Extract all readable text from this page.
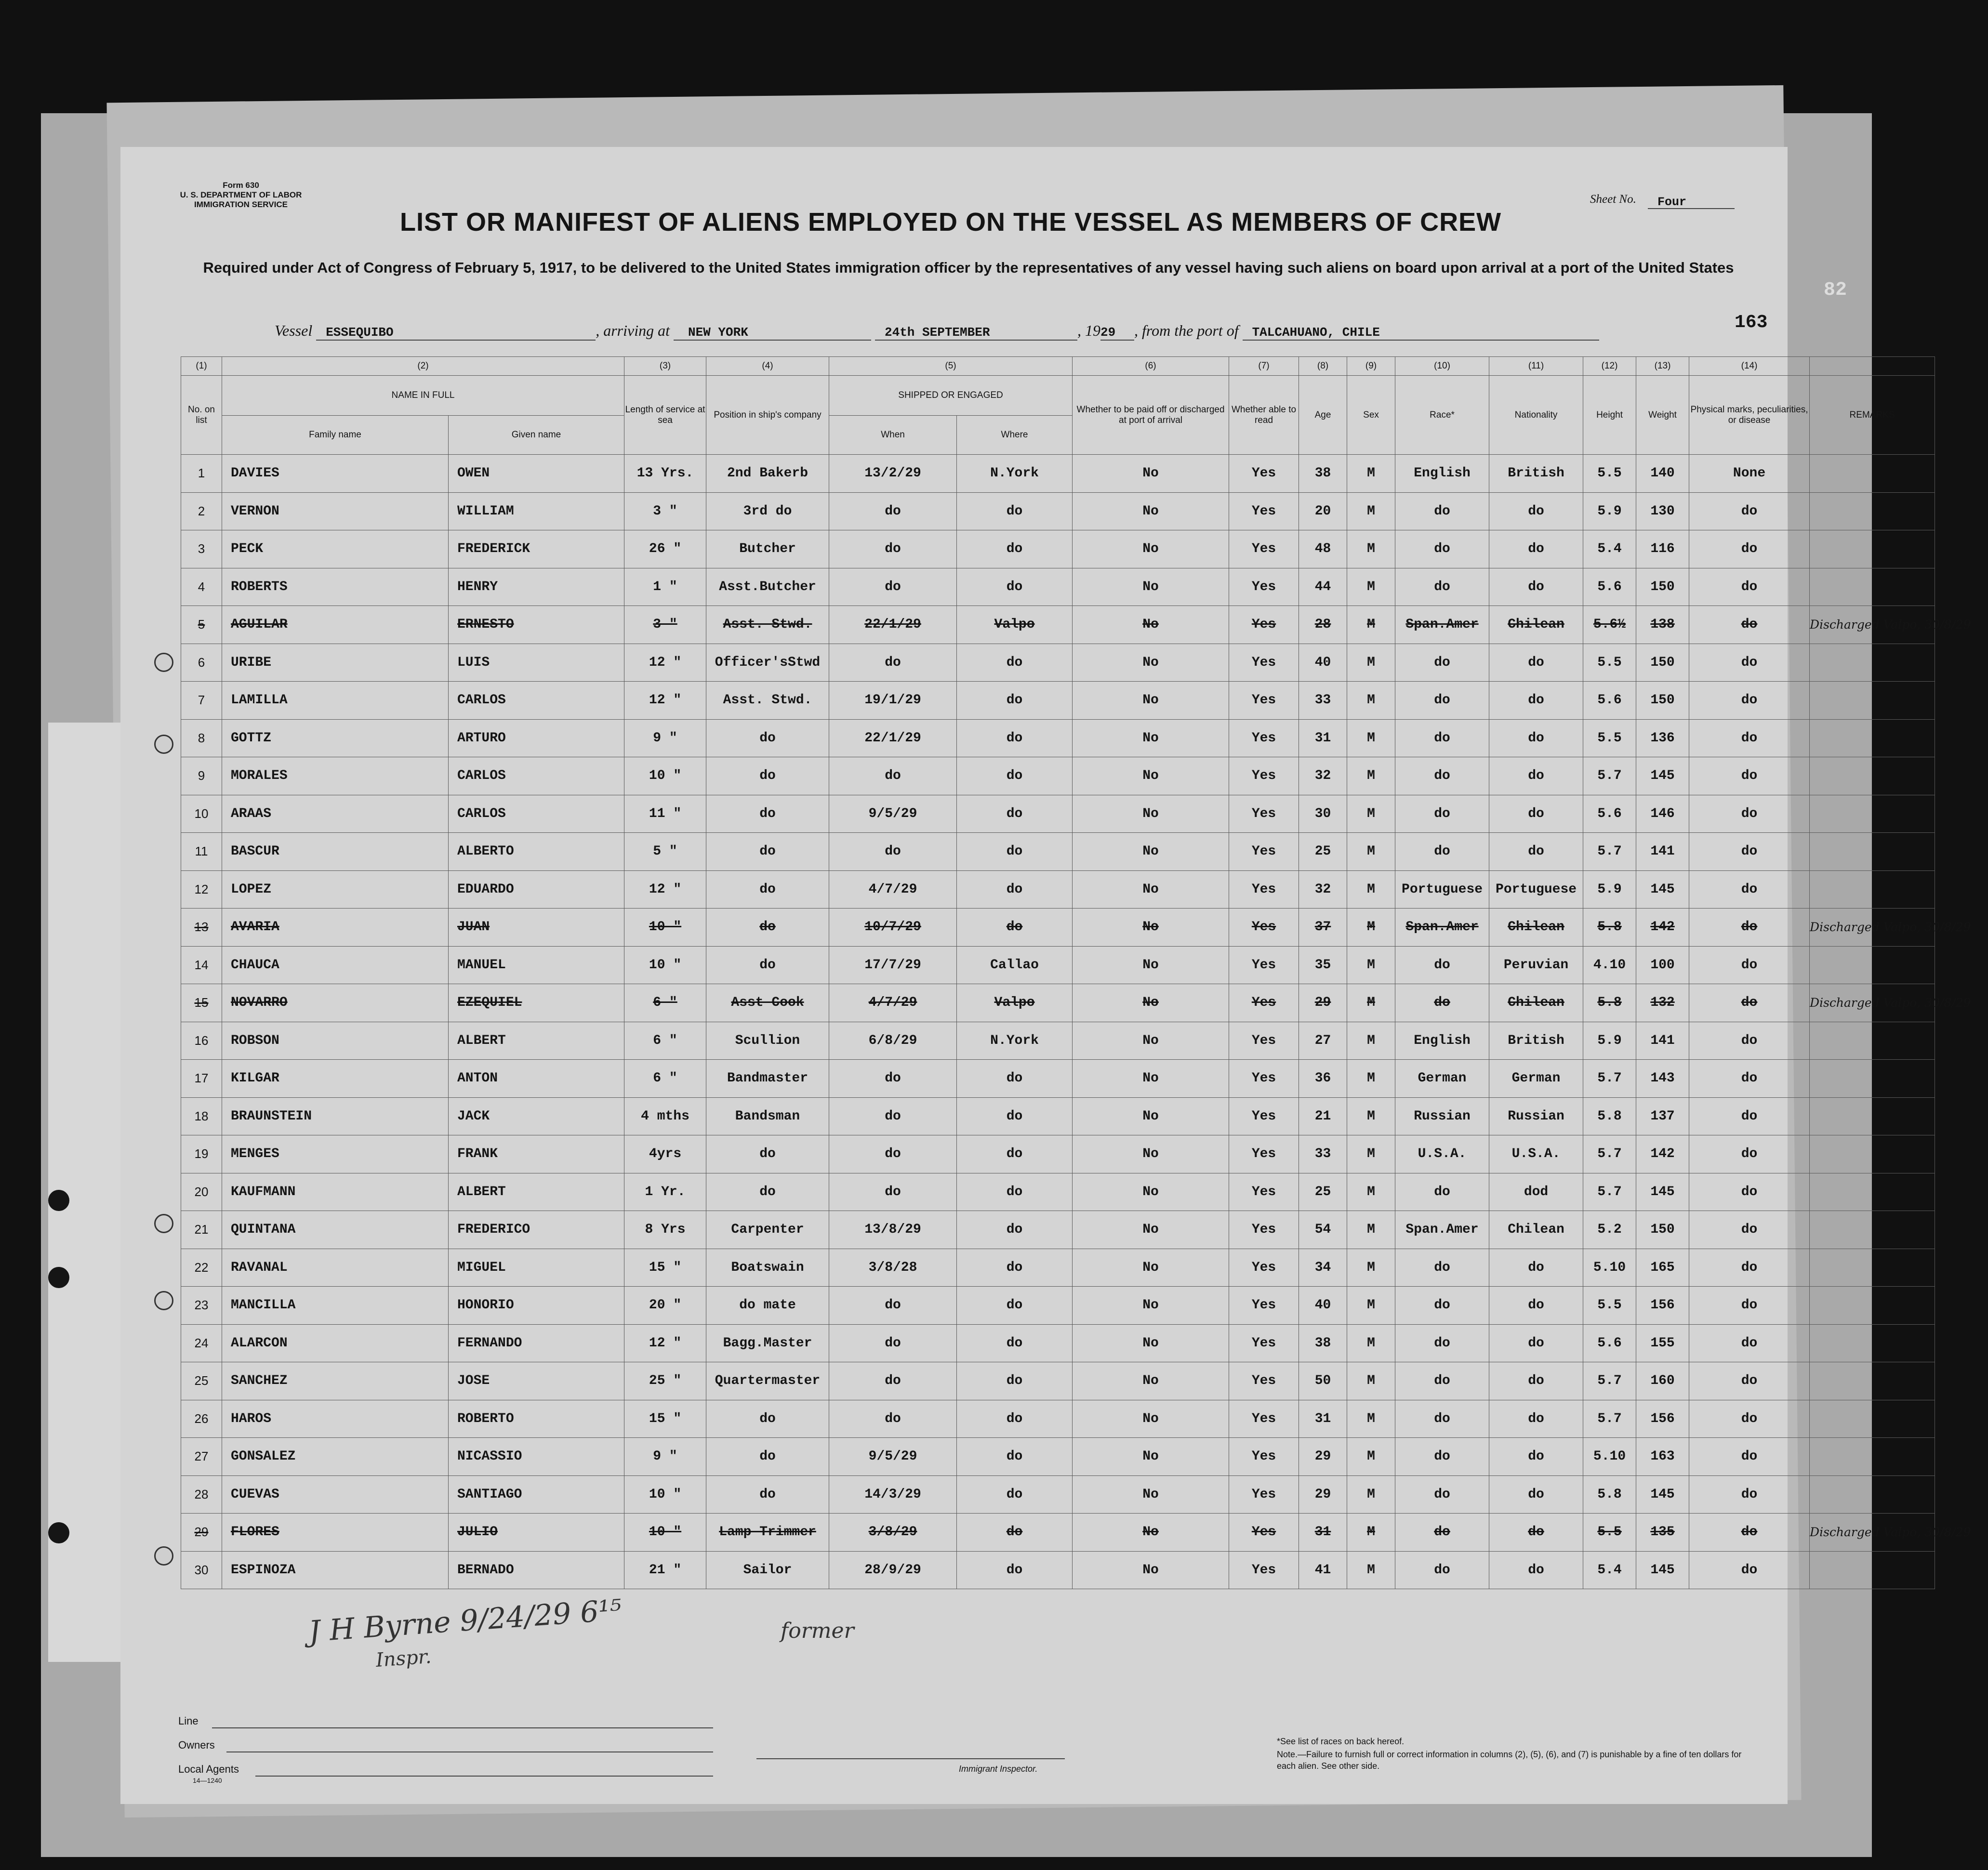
Form 630
U. S. DEPARTMENT OF LABOR
IMMIGRATION SERVICE	Sheet No. Four
LIST OR MANIFEST OF ALIENS EMPLOYED ON THE VESSEL AS MEMBERS OF CREW
Required under Act of Congress of February 5, 1917, to be delivered to the United States immigration officer by the representatives of any vessel having such aliens on board upon arrival at a port of the United States
163
82
Vessel ESSEQUIBO	, arriving at NEW YORK	24th SEPTEMBER	, 1929 , from the port of TALCAHUANO, CHILE
(1)	(2)		(3)	(4)	(5)		(6)	(7)	(8)	(9)	(10)	(11)	(12)	(13)	(14)	
No. on list	NAME IN FULL		Length of service at sea	Position in ship's company	SHIPPED OR ENGAGED		Whether to be paid off or discharged at port of arrival	Whether able to read	Age	Sex	Race*	Nationality	Height	Weight	Physical marks, peculiarities, or disease	REMARKS
	Family name	Given name			When	Where										
1	DAVIES	OWEN	13 Yrs.	2nd Bakerb	13/2/29	N.York	No	Yes	38	M	English	British	5.5	140	None	
2	VERNON	WILLIAM	3 "	3rd do	do	do	No	Yes	20	M	do	do	5.9	130	do	
3	PECK	FREDERICK	26 "	Butcher	do	do	No	Yes	48	M	do	do	5.4	116	do	
4	ROBERTS	HENRY	1 "	Asst.Butcher	do	do	No	Yes	44	M	do	do	5.6	150	do	
5	AGUILAR	ERNESTO	3 "	Asst. Stwd.	22/1/29	Valpo	No	Yes	28	M	Span.Amer	Chilean	5.6½	138	do	Discharged Valpo, 30/8/29
6	URIBE	LUIS	12 "	Officer'sStwd	do	do	No	Yes	40	M	do	do	5.5	150	do	
7	LAMILLA	CARLOS	12 "	Asst. Stwd.	19/1/29	do	No	Yes	33	M	do	do	5.6	150	do	
8	GOTTZ	ARTURO	9 "	do	22/1/29	do	No	Yes	31	M	do	do	5.5	136	do	
9	MORALES	CARLOS	10 "	do	do	do	No	Yes	32	M	do	do	5.7	145	do	
10	ARAAS	CARLOS	11 "	do	9/5/29	do	No	Yes	30	M	do	do	5.6	146	do	
11	BASCUR	ALBERTO	5 "	do	do	do	No	Yes	25	M	do	do	5.7	141	do	
12	LOPEZ	EDUARDO	12 "	do	4/7/29	do	No	Yes	32	M	Portuguese	Portuguese	5.9	145	do	
13	AVARIA	JUAN	10 "	do	10/7/29	do	No	Yes	37	M	Span.Amer	Chilean	5.8	142	do	Discharged Valpo, 30/8/29
14	CHAUCA	MANUEL	10 "	do	17/7/29	Callao	No	Yes	35	M	do	Peruvian	4.10	100	do	
15	NOVARRO	EZEQUIEL	6 "	Asst Cook	4/7/29	Valpo	No	Yes	29	M	do	Chilean	5.8	132	do	Discharged Valpo, 30/8/29
16	ROBSON	ALBERT	6 "	Scullion	6/8/29	N.York	No	Yes	27	M	English	British	5.9	141	do	
17	KILGAR	ANTON	6 "	Bandmaster	do	do	No	Yes	36	M	German	German	5.7	143	do	
18	BRAUNSTEIN	JACK	4 mths	Bandsman	do	do	No	Yes	21	M	Russian	Russian	5.8	137	do	
19	MENGES	FRANK	4yrs	do	do	do	No	Yes	33	M	U.S.A.	U.S.A.	5.7	142	do	
20	KAUFMANN	ALBERT	1 Yr.	do	do	do	No	Yes	25	M	do	dod	5.7	145	do	
21	QUINTANA	FREDERICO	8 Yrs	Carpenter	13/8/29	do	No	Yes	54	M	Span.Amer	Chilean	5.2	150	do	
22	RAVANAL	MIGUEL	15 "	Boatswain	3/8/28	do	No	Yes	34	M	do	do	5.10	165	do	
23	MANCILLA	HONORIO	20 "	do mate	do	do	No	Yes	40	M	do	do	5.5	156	do	
24	ALARCON	FERNANDO	12 "	Bagg.Master	do	do	No	Yes	38	M	do	do	5.6	155	do	
25	SANCHEZ	JOSE	25 "	Quartermaster	do	do	No	Yes	50	M	do	do	5.7	160	do	
26	HAROS	ROBERTO	15 "	do	do	do	No	Yes	31	M	do	do	5.7	156	do	
27	GONSALEZ	NICASSIO	9 "	do	9/5/29	do	No	Yes	29	M	do	do	5.10	163	do	
28	CUEVAS	SANTIAGO	10 "	do	14/3/29	do	No	Yes	29	M	do	do	5.8	145	do	
29	FLORES	JULIO	10 "	Lamp Trimmer	3/8/29	do	No	Yes	31	M	do	do	5.5	135	do	Discharged Valpo, 30/8/29
30	ESPINOZA	BERNADO	21 "	Sailor	28/9/29	do	No	Yes	41	M	do	do	5.4	145	do	
J H Byrne 9/24/29 6¹⁵
Inspr.
former
Line
Owners
Local Agents
14—1240
Immigrant Inspector.
*See list of races on back hereof.
Note.—Failure to furnish full or correct information in columns (2), (5), (6), and (7) is punishable by a fine of ten dollars for each alien. See other side.
